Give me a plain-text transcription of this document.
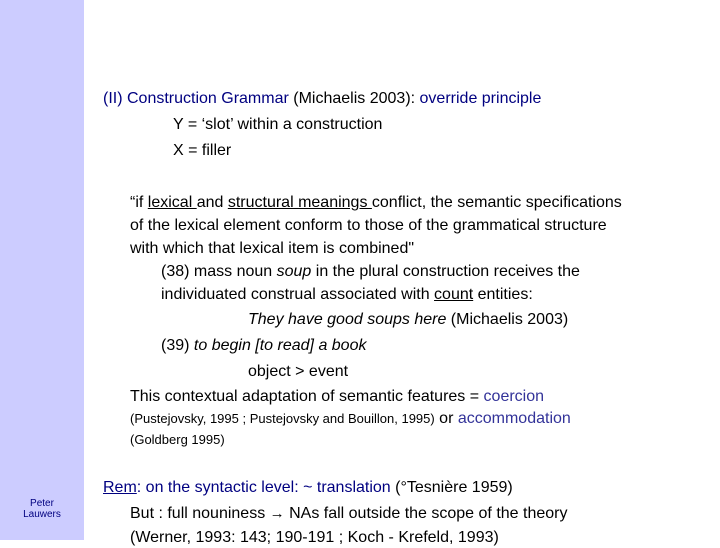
Peter
Lauwers
(II) Construction Grammar (Michaelis 2003): override principle
Y = ‘slot’ within a construction
X = filler
“if lexical and structural meanings conflict, the semantic specifications
of the lexical element conform to those of the grammatical structure
with which that lexical item is combined"
(38) mass noun soup in the plural construction receives the
individuated construal associated with count entities:
They have good soups here (Michaelis 2003)
(39) to begin [to read] a book
object > event
This contextual adaptation of semantic features = coercion
(Pustejovsky, 1995 ; Pustejovsky and Bouillon, 1995) or accommodation
(Goldberg 1995)
Rem: on the syntactic level: ~ translation (°Tesnière 1959)
But : full nouniness → NAs fall outside the scope of the theory
(Werner, 1993: 143; 190-191 ; Koch - Krefeld, 1993)
